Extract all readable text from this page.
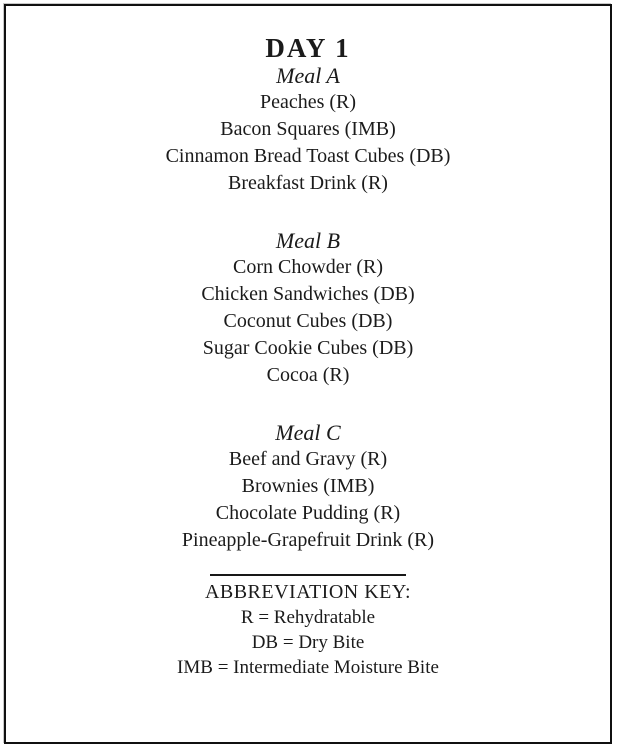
DAY 1
Meal A
Peaches (R)
Bacon Squares (IMB)
Cinnamon Bread Toast Cubes (DB)
Breakfast Drink (R)
Meal B
Corn Chowder (R)
Chicken Sandwiches (DB)
Coconut Cubes (DB)
Sugar Cookie Cubes (DB)
Cocoa (R)
Meal C
Beef and Gravy (R)
Brownies (IMB)
Chocolate Pudding (R)
Pineapple-Grapefruit Drink (R)
ABBREVIATION KEY:
R = Rehydratable
DB = Dry Bite
IMB = Intermediate Moisture Bite
